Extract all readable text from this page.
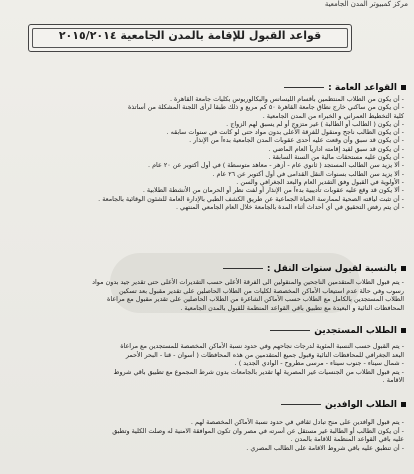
مركز كمبيوتر المدن الجامعية
قواعد القبول للإقامة بالمدن الجامعية ٢٠١٥/٢٠١٤
القواعد العامة :
- أن يكون من الطلاب المنتظمين بأقسام الليسانس والبكالوريوس بكليات جامعة القاهرة .
- أن يكون من ساكني خارج نطاق جامعة القاهرة ٥٠ كم مربع و ذلك طبقا لرأى اللجنة المشكلة من أساتذة
كلية التخطيط العمراني و الخبراء من المدن الجامعية .
- أن يكون ( الطالب أو الطالبة ) غير متزوج أو لم يسبق لهم الزواج .
- أن يكون الطالب ناجح ومنقول للفرقة الأعلى بدون مواد حتى لو كانت في سنوات سابقه .
- أن يكون قد سبق وأن وقعت عليه أحدى عقوبات المدن الجامعية بدءاً من الإنذار .
- أن يكون قد سبق لقيد إقامته ادارياً العام الماضي .
- أن يكون عليه مستحقات مالية من السنة السابقة .
- ألا يزيد سن الطالب المستجد ( ثانوي عام - أزهر - معاهد متوسطة ) في أول أكتوبر عن ٢٠ عام .
- ألا يزيد سن الطالب بسنوات النقل القدامى في أول أكتوبر عن ٢٦ عام .
- الأولوية في القبول وفق التقدير العام والبعد الجغرافي والسن .
- ألا يكون قد وقع عليه عقوبات تأديبية بدءاً من الإنذار أو لفت نظر أو الحرمان من الأنشطة الطلابية .
- أن تثبت لياقته الصحية لممارسة الحياة الجماعية عن طريق الكشف الطبي بالإدارة العامة للشئون الوقائية بالجامعة .
- أن يتم رفض التحقيق في أي أحداث أثناء المدة بالجامعة خلال العام الجامعي المنتهي .
بالنسبة لقبول سنوات النقل :
- يتم قبول الطلاب المتقدمين الناجحين والمنقولين الى الفرقة الأعلى حسب التقديرات الأعلى حتى تقدير جيد بدون مواد
رسوب وفي حالة عدم استيعاب الأماكن المخصصة لكليات من الطلاب الحاصلين على تقدير مقبول بعد تسكين
الطلاب المستجدين بالكامل مع الطلاب حسب الأماكن الشاغرة من الطلاب الحاصلين على تقدير مقبول مع مراعاة
المحافظات النائية و البعيدة مع تطبيق باقي القواعد المنظمة للقبول بالمدن الجامعية .
الطلاب المستجدين
- يتم القبول حسب النسبة المئوية لدرجات نجاحهم وفي حدود نسبة الأماكن المخصصة للمستجدين مع مراعاة
البعد الجغرافي للمحافظات النائية وقبول جميع المتقدمين من هذه المحافظات ( أسوان - قنا - البحر الأحمر
- شمال سيناء - جنوب سيناء - مرسى مطروح - الوادي الجديد ) .
- يتم قبول الطلاب من الجنسيات غير المصرية لها تقدير بالجامعات بدون شرط المجموع مع تطبيق باقي شروط
الاقامة .
الطلاب الوافدين
- يتم قبول الوافدين على منح تبادل ثقافي في حدود نسبة الأماكن المخصصة لهم .
- أن يكون الطالب أو الطالبة غير مستقل عن أسرته في مصر وان تكون الموافقة الامنية له وصلت الكلية وتطبق
عليه باقي القواعد المنظمة للاقامة بالمدن .
- أن تنطبق عليه باقي شروط الاقامة على الطالب المصري .
